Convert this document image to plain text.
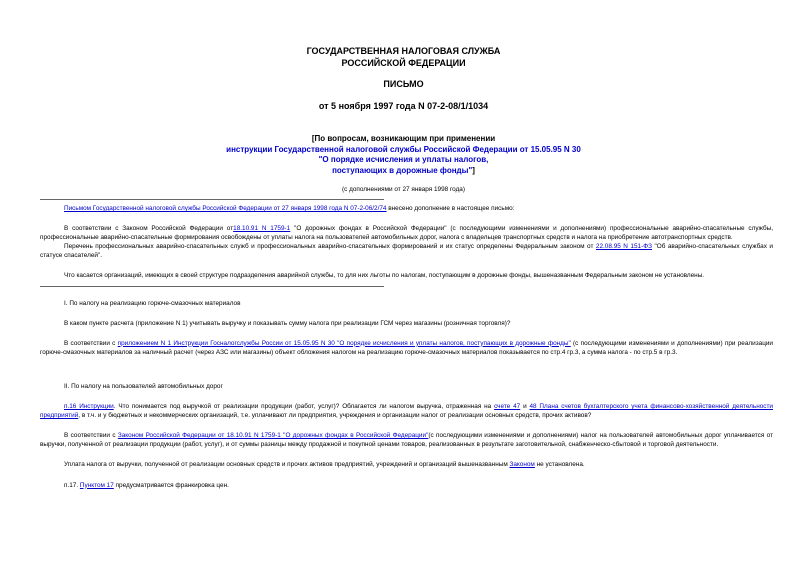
ГОСУДАРСТВЕННАЯ НАЛОГОВАЯ СЛУЖБА
РОССИЙСКОЙ ФЕДЕРАЦИИ
ПИСЬМО
от 5 ноября 1997 года N 07-2-08/1/1034
[По вопросам, возникающим при применении
инструкции Государственной налоговой службы Российской Федерации от 15.05.95 N 30
"О порядке исчисления и уплаты налогов,
поступающих в дорожные фонды"]
(с дополнениями от 27 января 1998 года)

Письмом Государственной налоговой службы Российской Федерации от 27 января 1998 года N 07-2-06/2/74 внесено дополнение в настоящее письмо:

В соответствии с Законом Российской Федерации от18.10.91 N 1759-1 "О дорожных фондах в Российской Федерации" (с последующими изменениями и дополнениями) профессиональные аварийно-спасательные службы, профессиональные аварийно-спасательные формирования освобождены от уплаты налога на пользователей автомобильных дорог, налога с владельцев транспортных средств и налога на приобретение автотранспортных средств.

Перечень профессиональных аварийно-спасательных служб и профессиональных аварийно-спасательных формирований и их статус определены Федеральным законом от 22.08.95 N 151-ФЗ "Об аварийно-спасательных службах и статусе спасателей".

Что касается организаций, имеющих в своей структуре подразделения аварийной службы, то для них льготы по налогам, поступающим в дорожные фонды, вышеназванным Федеральным законом не установлены.

I. По налогу на реализацию горюче-смазочных материалов

В каком пункте расчета (приложение N 1) учитывать выручку и показывать сумму налога при реализации ГСМ через магазины (розничная торговля)?

В соответствии с приложением N 1 Инструкции Госналогслужбы России от 15.05.95 N 30 "О порядке исчисления и уплаты налогов, поступающих в дорожные фонды" (с последующими изменениями и дополнениями) при реализации горюче-смазочных материалов за наличный расчет (через АЗС или магазины) объект обложения налогом на реализацию горюче-смазочных материалов показывается по стр.4 гр.3, а сумма налога - по стр.5 в гр.3.

II. По налогу на пользователей автомобильных дорог

п.16 Инструкции. Что понимается под выручкой от реализации продукции (работ, услуг)? Облагается ли налогом выручка, отраженная на счете 47 и 48 Плана счетов бухгалтерского учета финансово-хозяйственной деятельности предприятий, в т.ч. и у бюджетных и некоммерческих организаций, т.е. уплачивают ли предприятия, учреждения и организации налог от реализации основных средств, прочих активов?

В соответствии с Законом Российской Федерации от 18.10.91 N 1759-1 "О дорожных фондах в Российской Федерации"(с последующими изменениями и дополнениями) налог на пользователей автомобильных дорог уплачивается от выручки, полученной от реализации продукции (работ, услуг), и от суммы разницы между продажной и покупной ценами товаров, реализованных в результате заготовительной, снабженческо-сбытовой и торговой деятельности.

Уплата налога от выручки, полученной от реализации основных средств и прочих активов предприятий, учреждений и организаций вышеназванным Законом не установлена.

п.17. Пунктом 17 предусматривается франкировка цен.
